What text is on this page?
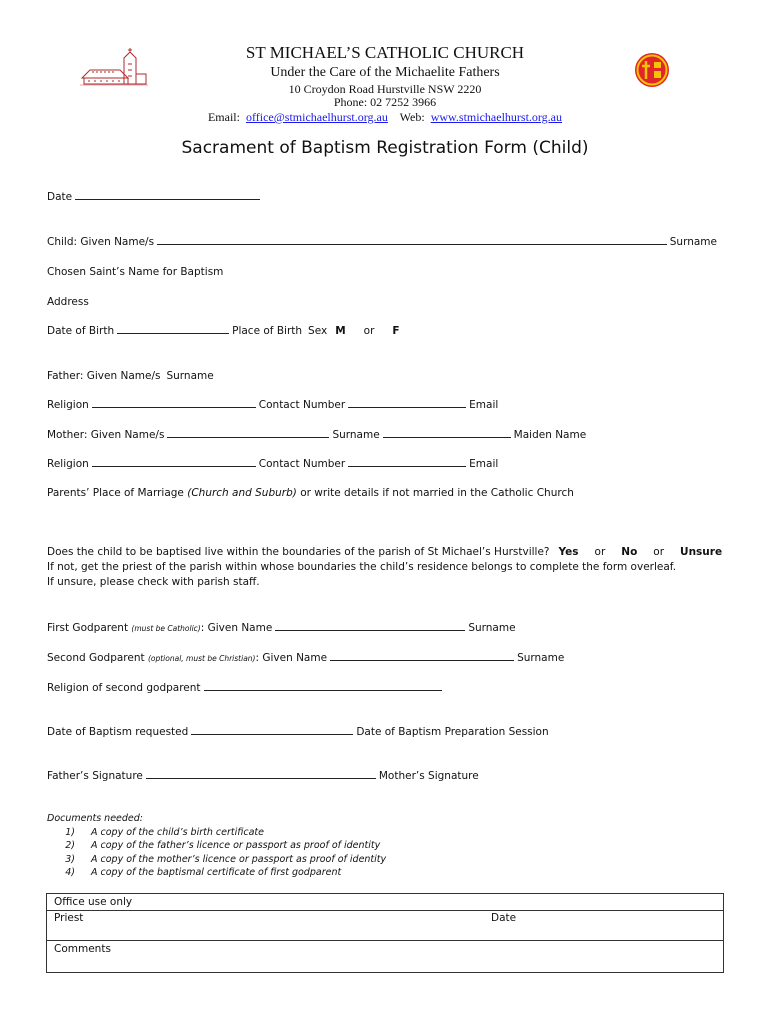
ST MICHAEL’S CATHOLIC CHURCH
Under the Care of the Michaelite Fathers
10 Croydon Road Hurstville NSW 2220
Phone: 02 7252 3966
Email: office@stmichaelhurst.org.au Web: www.stmichaelhurst.org.au
Sacrament of Baptism Registration Form (Child)
Date
Child: Given Name/s	Surname
Chosen Saint’s Name for Baptism
Address
Date of Birth	Place of Birth Sex M or F
Father: Given Name/s Surname
Religion	Contact Number	Email
Mother: Given Name/s	Surname	Maiden Name
Religion	Contact Number	Email
Parents’ Place of Marriage
(Church and Suburb)
or write details if not married in the Catholic Church
Does the child to be baptised live within the boundaries of the parish of St Michael’s Hurstville? Yes or No or Unsure
If not, get the priest of the parish within whose boundaries the child’s residence belongs to complete the form overleaf.
If unsure, please check with parish staff.
First Godparent
(must be Catholic) : Given Name	Surname
Second Godparent
(optional, must be Christian) : Given Name	Surname
Religion of second godparent
Date of Baptism requested	Date of Baptism Preparation Session
Father’s Signature	Mother’s Signature
Documents needed:
1)	A copy of the child’s birth certificate
2)	A copy of the father’s licence or passport as proof of identity
3)	A copy of the mother’s licence or passport as proof of identity
4)	A copy of the baptismal certificate of first godparent
Office use only
Priest	Date
Comments
